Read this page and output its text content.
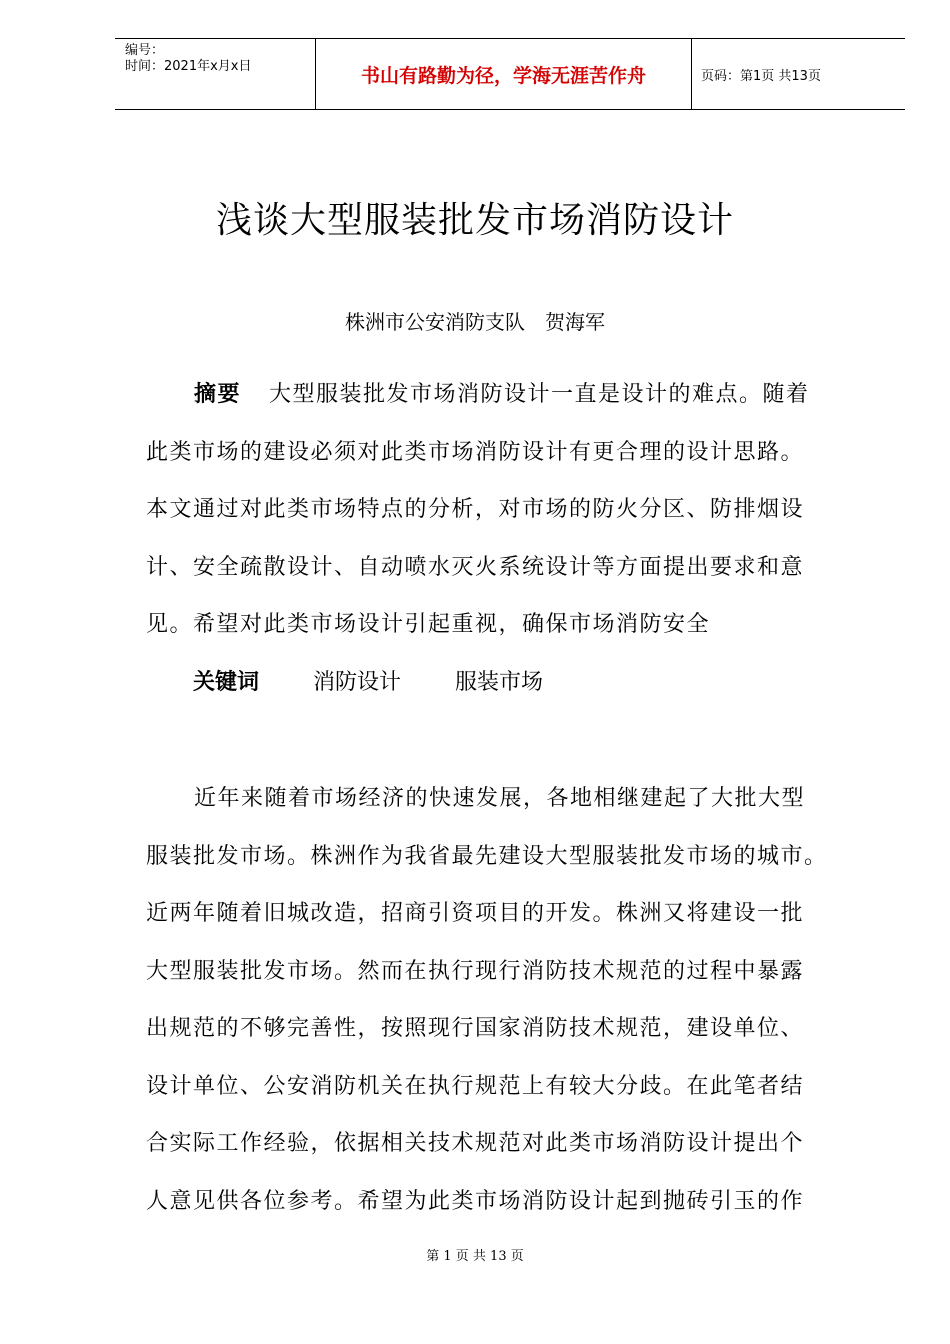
编号：
时间：2021年x月x日	书山有路勤为径，学海无涯苦作舟	页码：第1页 共13页
浅谈大型服装批发市场消防设计
株洲市公安消防支队 贺海军
摘要 大型服装批发市场消防设计一直是设计的难点。随着
此类市场的建设必须对此类市场消防设计有更合理的设计思路。
本文通过对此类市场特点的分析，对市场的防火分区、防排烟设
计、安全疏散设计、自动喷水灭火系统设计等方面提出要求和意
见。希望对此类市场设计引起重视，确保市场消防安全
关键词 消防设计 服装市场
近年来随着市场经济的快速发展，各地相继建起了大批大型
服装批发市场。株洲作为我省最先建设大型服装批发市场的城市。
近两年随着旧城改造，招商引资项目的开发。株洲又将建设一批
大型服装批发市场。然而在执行现行消防技术规范的过程中暴露
出规范的不够完善性，按照现行国家消防技术规范，建设单位、
设计单位、公安消防机关在执行规范上有较大分歧。在此笔者结
合实际工作经验，依据相关技术规范对此类市场消防设计提出个
人意见供各位参考。希望为此类市场消防设计起到抛砖引玉的作
第 1 页 共 13 页
